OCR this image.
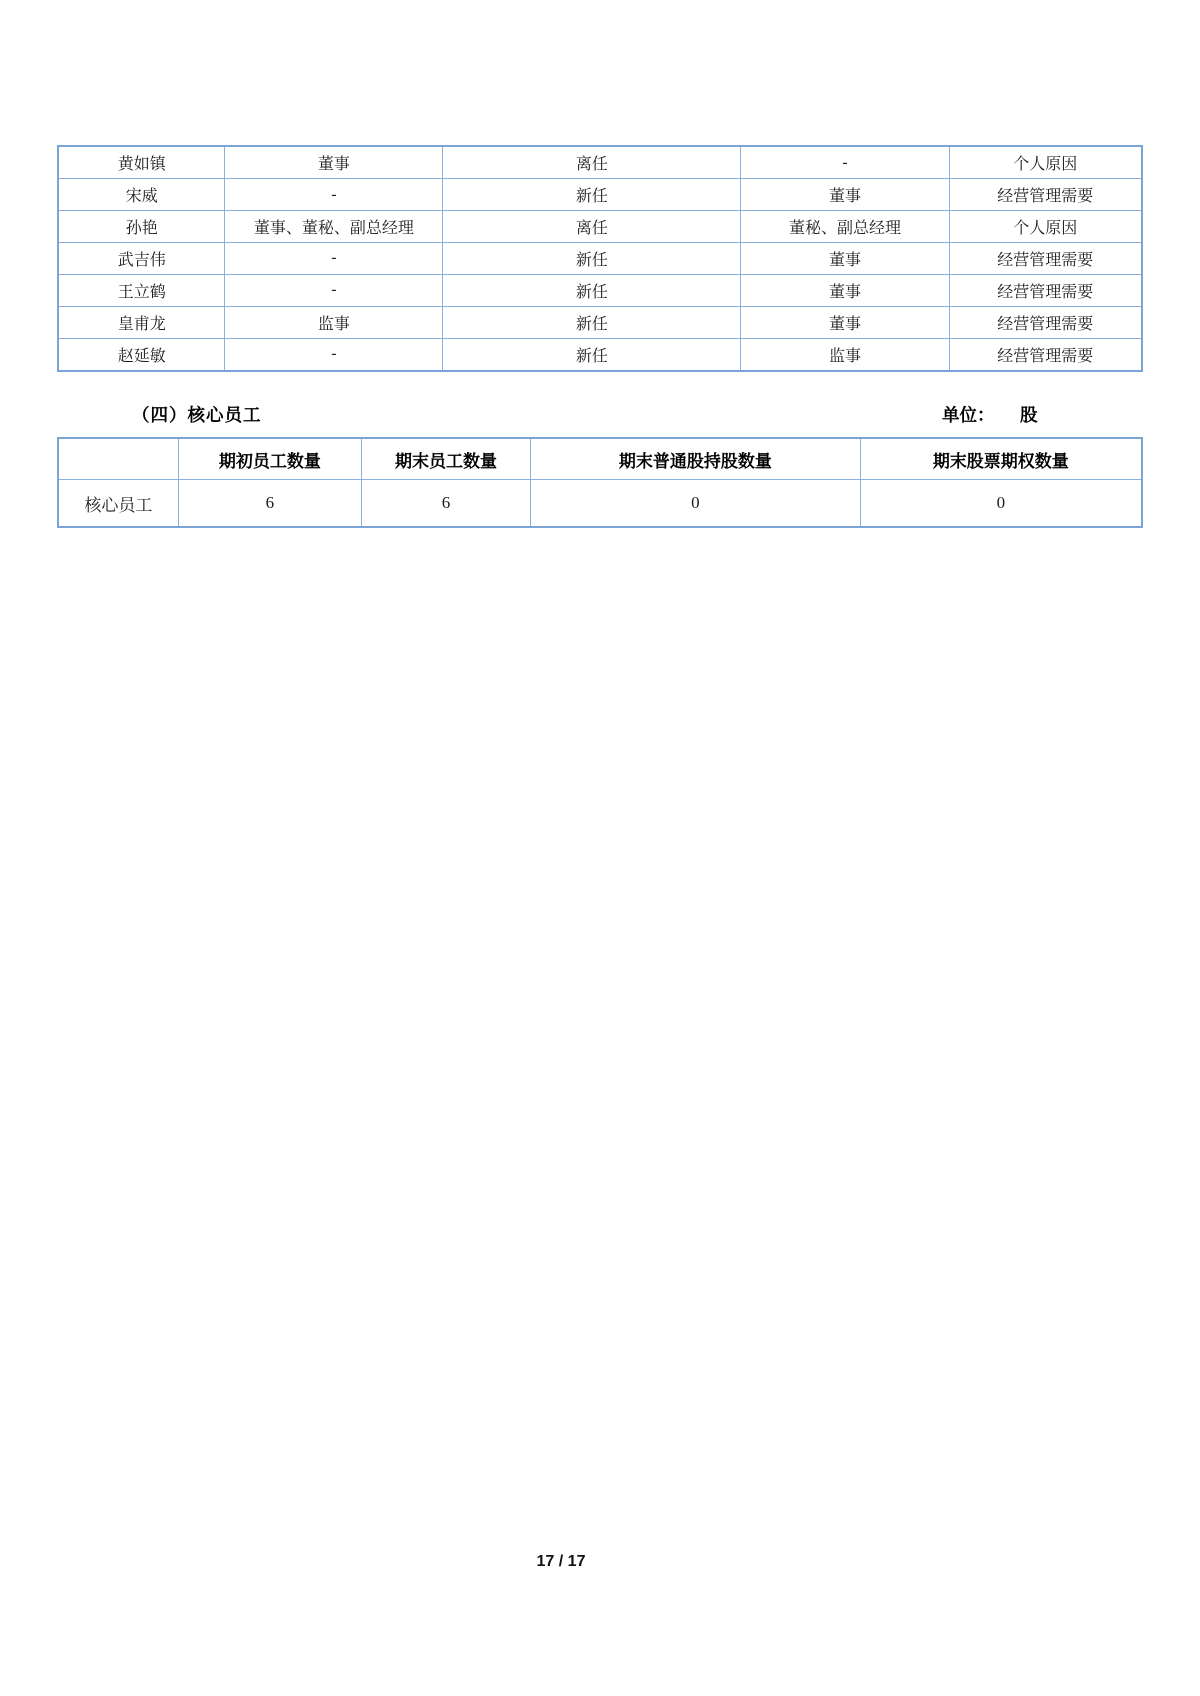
黄如镇	董事	离任	-	个人原因
宋威	-	新任	董事	经营管理需要
孙艳	董事、董秘、副总经理	离任	董秘、副总经理	个人原因
武吉伟	-	新任	董事	经营管理需要
王立鹤	-	新任	董事	经营管理需要
皇甫龙	监事	新任	董事	经营管理需要
赵延敏	-	新任	监事	经营管理需要
（四）核心员工	单位： 股
	期初员工数量	期末员工数量	期末普通股持股数量	期末股票期权数量
核心员工	6	6	0	0
17 / 17
